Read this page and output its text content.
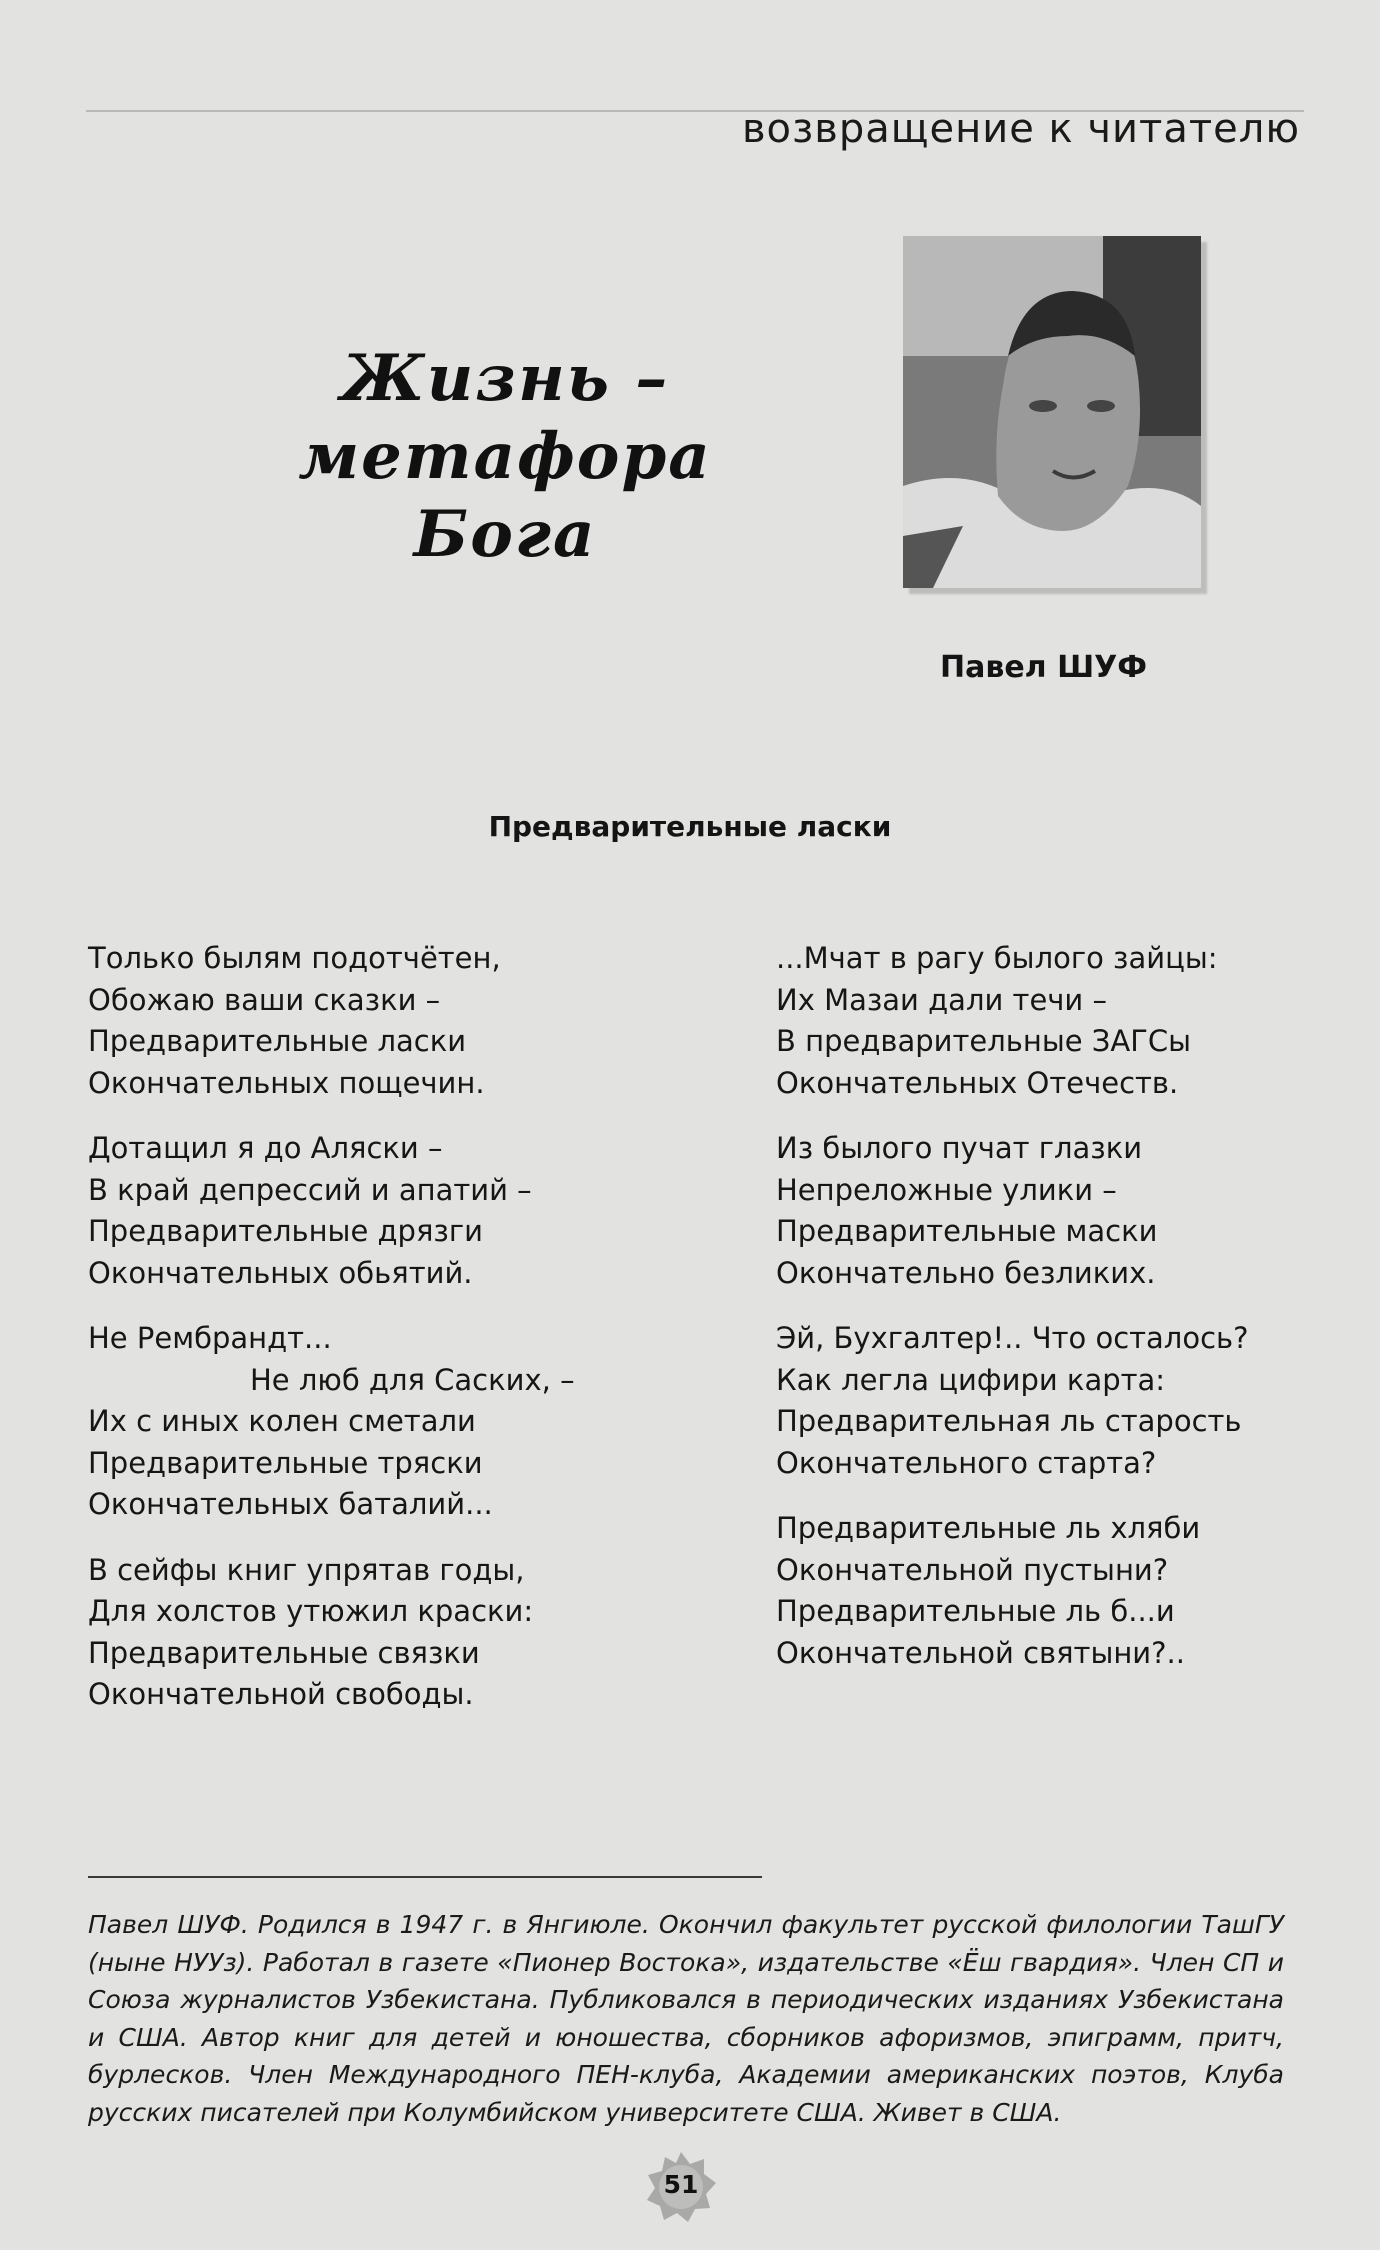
возвращение к читателю
Жизнь – метафора
Бога
Павел ШУФ
Предварительные ласки
Только былям подотчётен,
Обожаю ваши сказки –
Предварительные ласки
Окончательных пощечин.
Дотащил я до Аляски –
В край депрессий и апатий –
Предварительные дрязги
Окончательных обьятий.
Не Рембрандт...
Не люб для Саских, –
Их с иных колен сметали
Предварительные тряски
Окончательных баталий...
В сейфы книг упрятав годы,
Для холстов утюжил краски:
Предварительные связки
Окончательной свободы.
...Мчат в рагу былого зайцы:
Их Мазаи дали течи –
В предварительные ЗАГСы
Окончательных Отечеств.
Из былого пучат глазки
Непреложные улики –
Предварительные маски
Окончательно безликих.
Эй, Бухгалтер!.. Что осталось?
Как легла цифири карта:
Предварительная ль старость
Окончательного старта?
Предварительные ль хляби
Окончательной пустыни?
Предварительные ль б...и
Окончательной святыни?..
Павел ШУФ. Родился в 1947 г. в Янгиюле. Окончил факультет русской филологии ТашГУ (ныне НУУз). Работал в газете «Пионер Востока», издательстве «Ёш гвардия». Член СП и Союза журналистов Узбекистана. Публиковался в периодических изданиях Узбекистана и США. Автор книг для детей и юношества, сборников афоризмов, эпиграмм, притч, бурлесков. Член Международного ПЕН-клуба, Академии американских поэтов, Клуба русских писателей при Колумбийском университете США. Живет в США.
51
